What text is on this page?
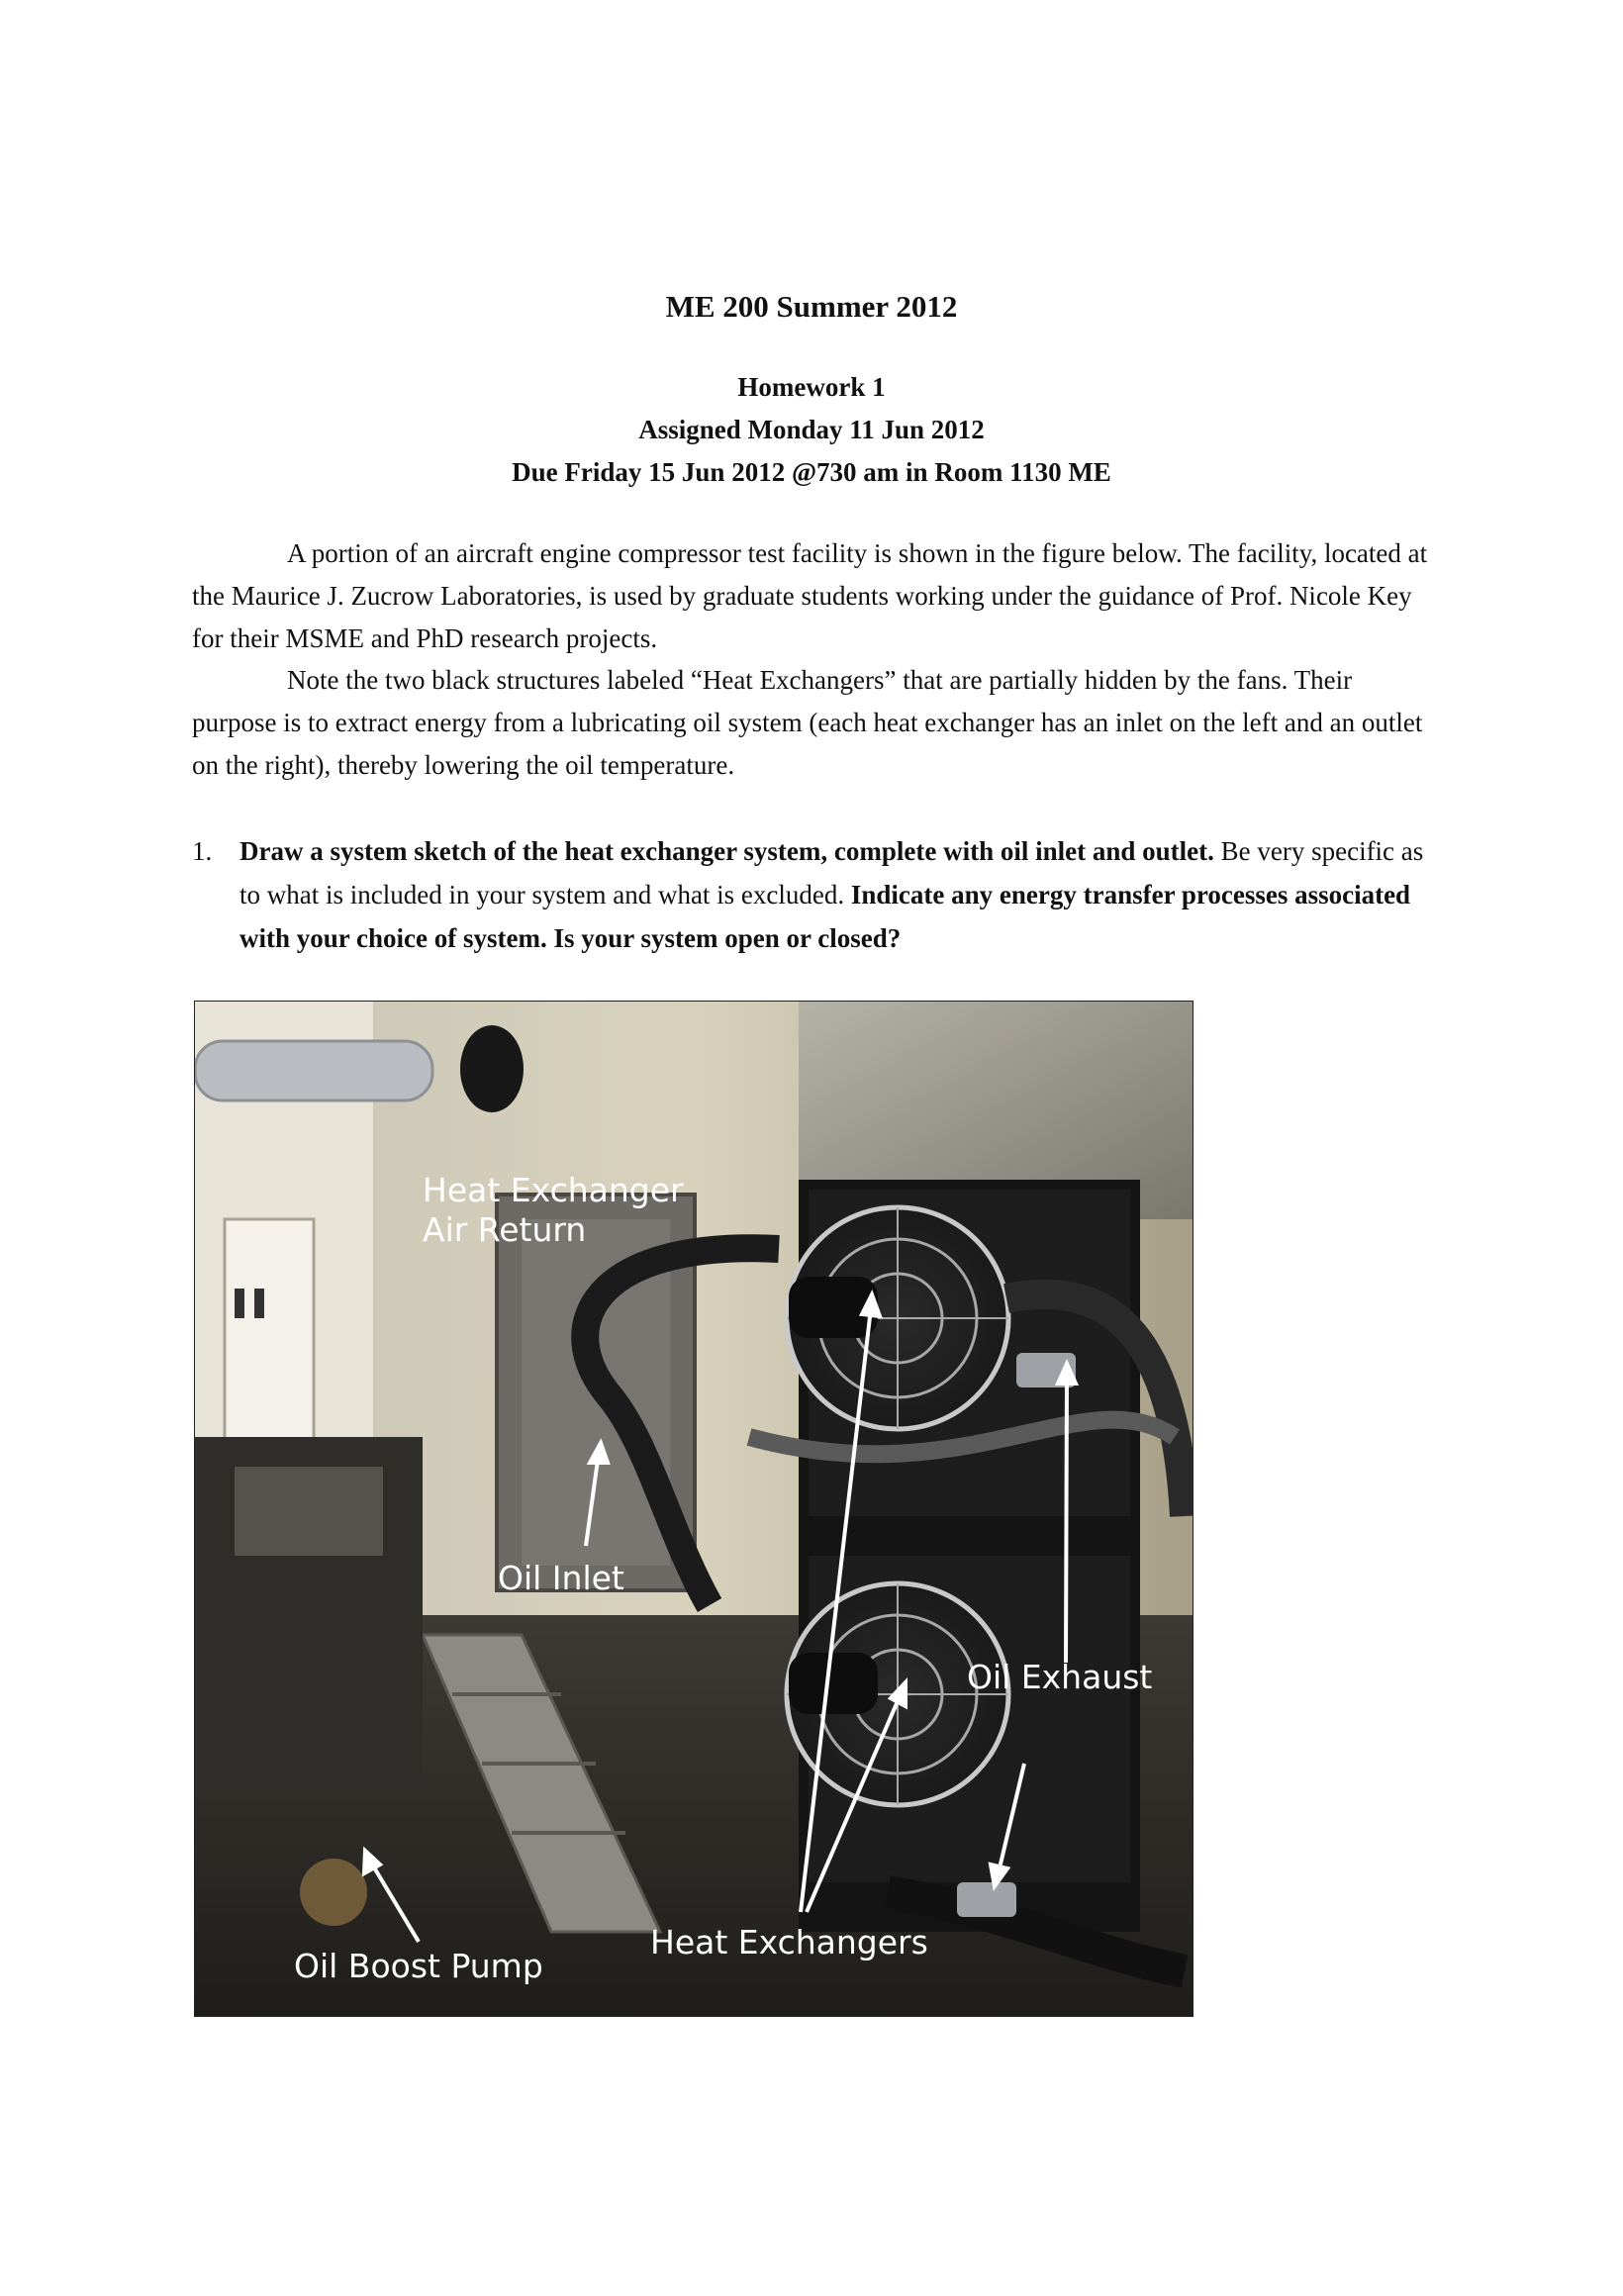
ME 200 Summer 2012
Homework 1
Assigned Monday 11 Jun 2012
Due Friday 15 Jun 2012 @730 am in Room 1130 ME

A portion of an aircraft engine compressor test facility is shown in the figure below. The facility, located at the Maurice J. Zucrow Laboratories, is used by graduate students working under the guidance of Prof. Nicole Key for their MSME and PhD research projects.

Note the two black structures labeled “Heat Exchangers” that are partially hidden by the fans. Their purpose is to extract energy from a lubricating oil system (each heat exchanger has an inlet on the left and an outlet on the right), thereby lowering the oil temperature.

1. Draw a system sketch of the heat exchanger system, complete with oil inlet and outlet. Be very specific as to what is included in your system and what is excluded. Indicate any energy transfer processes associated with your choice of system. Is your system open or closed?
Heat Exchanger
Air Return
Oil Inlet
Oil Exhaust
Oil Boost Pump
Heat Exchangers
